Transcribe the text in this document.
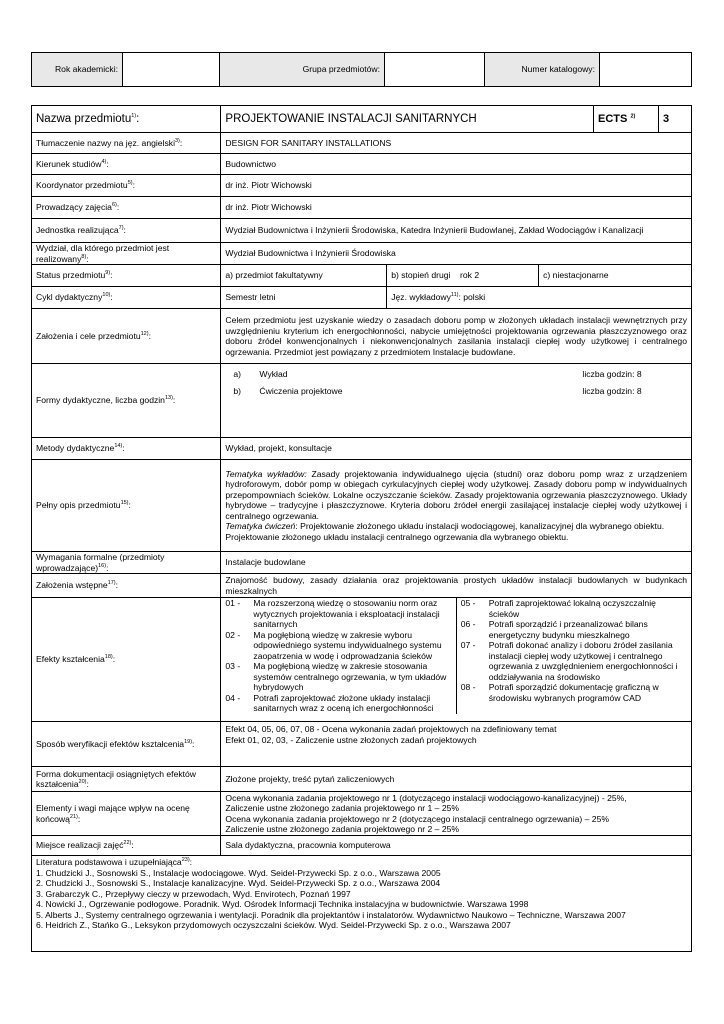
Rok akademicki:		Grupa przedmiotów:		Numer katalogowy:	
Nazwa przedmiotu$^{1)}$:	PROJEKTOWANIE INSTALACJI SANITARNYCH	ECTS $^{2)}$	3
Tłumaczenie nazwy na jęz. angielski$^{3)}$:	DESIGN FOR SANITARY INSTALLATIONS
Kierunek studiów$^{4)}$:	Budownictwo
Koordynator przedmiotu$^{5)}$:	dr inż. Piotr Wichowski
Prowadzący zajęcia$^{6)}$:	dr inż. Piotr Wichowski
Jednostka realizująca$^{7)}$:	Wydział Budownictwa i Inżynierii Środowiska, Katedra Inżynierii Budowlanej, Zakład Wodociągów i Kanalizacji
Wydział, dla którego przedmiot jest realizowany$^{8)}$:	Wydział Budownictwa i Inżynierii Środowiska
Status przedmiotu$^{9)}$:	a) przedmiot fakultatywny	b) stopień drugi    rok 2	c) niestacjonarne
Cykl dydaktyczny$^{10)}$:	Semestr letni	Jęz. wykładowy$^{11)}$: polski
Założenia i cele przedmiotu$^{12)}$:	Celem przedmiotu jest uzyskanie wiedzy o zasadach doboru pomp w złożonych układach instalacji wewnętrznych przy uwzględnieniu kryterium ich energochłonności, nabycie umiejętności projektowania ogrzewania płaszczyznowego oraz doboru źródeł konwencjonalnych i niekonwencjonalnych zasilania instalacji ciepłej wody użytkowej i centralnego ogrzewania. Przedmiot jest powiązany z przedmiotem Instalacje budowlane.
Formy dydaktyczne, liczba godzin$^{13)}$:	
a)	Wykład	liczba godzin: 8
b)	Ćwiczenia projektowe	liczba godzin: 8

Metody dydaktyczne$^{14)}$:	Wykład, projekt, konsultacje
Pełny opis przedmiotu$^{15)}$:	Tematyka wykładów: Zasady projektowania indywidualnego ujęcia (studni) oraz doboru pomp wraz z urządzeniem hydroforowym, dobór pomp w obiegach cyrkulacyjnych ciepłej wody użytkowej. Zasady doboru pomp w indywidualnych przepompowniach ścieków. Lokalne oczyszczanie ścieków. Zasady projektowania ogrzewania płaszczyznowego. Układy hybrydowe – tradycyjne i płaszczyznowe. Kryteria doboru źródeł energii zasilającej instalacje ciepłej wody użytkowej i centralnego ogrzewania.
Tematyka ćwiczeń: Projektowanie złożonego układu instalacji wodociągowej, kanalizacyjnej dla wybranego obiektu.
Projektowanie złożonego układu instalacji centralnego ogrzewania dla wybranego obiektu.
Wymagania formalne (przedmioty wprowadzające)$^{16)}$:	Instalacje budowlane
Założenia wstępne$^{17)}$:	Znajomość budowy, zasady działania oraz projektowania prostych układów instalacji budowlanych w budynkach mieszkalnych
Efekty kształcenia$^{18)}$:	
01 -	Ma rozszerzoną wiedzę o stosowaniu norm oraz wytycznych projektowania i eksploatacji instalacji sanitarnych
02 -	Ma pogłębioną wiedzę w zakresie wyboru odpowiedniego systemu indywidualnego systemu zaopatrzenia w wodę i odprowadzania ścieków
03 -	Ma pogłębioną wiedzę w zakresie stosowania systemów centralnego ogrzewania, w tym układów hybrydowych
04 -	Potrafi zaprojektować złożone układy instalacji sanitarnych wraz z oceną ich energochłonności

05 -	Potrafi zaprojektować lokalną oczyszczalnię ścieków
06 -	Potrafi sporządzić i przeanalizować bilans energetyczny budynku mieszkalnego
07 -	Potrafi dokonać analizy i doboru źródeł zasilania instalacji ciepłej wody użytkowej i centralnego ogrzewania z uwzględnieniem energochłonności i oddziaływania na środowisko
08 -	Potrafi sporządzić dokumentację graficzną w środowisku wybranych programów CAD

Sposób weryfikacji efektów kształcenia$^{19)}$:	
Efekt 04, 05, 06, 07, 08 - Ocena wykonania zadań projektowych na zdefiniowany temat
Efekt 01, 02, 03, - Zaliczenie ustne złożonych zadań projektowych

Forma dokumentacji osiągniętych efektów kształcenia$^{20)}$:	Złożone projekty, treść pytań zaliczeniowych
Elementy i wagi mające wpływ na ocenę końcową$^{21)}$:	
Ocena wykonania zadania projektowego nr 1 (dotyczącego instalacji wodociągowo-kanalizacyjnej) - 25%,
Zaliczenie ustne złożonego zadania projektowego nr 1 – 25%
Ocena wykonania zadania projektowego nr 2 (dotyczącego instalacji centralnego ogrzewania) – 25%
Zaliczenie ustne złożonego zadania projektowego nr 2 – 25%

Miejsce realizacji zajęć$^{22)}$:	Sala dydaktyczna, pracownia komputerowa

Literatura podstawowa i uzupełniająca$^{23)}$:

1. Chudzicki J., Sosnowski S., Instalacje wodociągowe. Wyd. Seidel-Przywecki Sp. z o.o., Warszawa 2005

2. Chudzicki J., Sosnowski S., Instalacje kanalizacyjne. Wyd. Seidel-Przywecki Sp. z o.o., Warszawa 2004

3. Grabarczyk C., Przepływy cieczy w przewodach, Wyd. Envirotech, Poznań 1997

4. Nowicki J., Ogrzewanie podłogowe. Poradnik. Wyd. Ośrodek Informacji Technika instalacyjna w budownictwie. Warszawa 1998

5. Alberts J., Systemy centralnego ogrzewania i wentylacji. Poradnik dla projektantów i instalatorów. Wydawnictwo Naukowo – Techniczne, Warszawa 2007

6. Heidrich Z., Stańko G., Leksykon przydomowych oczyszczalni ścieków. Wyd. Seidel-Przywecki Sp. z o.o., Warszawa 2007
